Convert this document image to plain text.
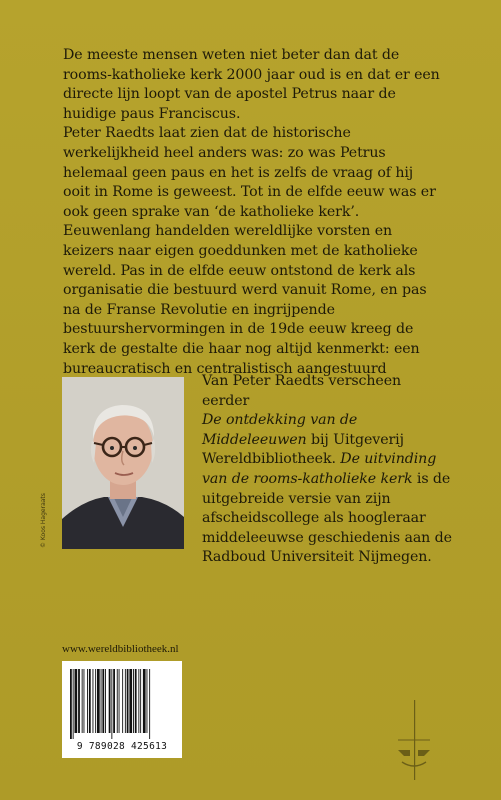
De meeste mensen weten niet beter dan dat de rooms-katholieke kerk 2000 jaar oud is en dat er een directe lijn loopt van de apostel Petrus naar de huidige paus Franciscus.

Peter Raedts laat zien dat de historische werkelijkheid heel anders was: zo was Petrus helemaal geen paus en het is zelfs de vraag of hij ooit in Rome is geweest. Tot in de elfde eeuw was er ook geen sprake van ‘de katholieke kerk’. Eeuwenlang handelden wereldlijke vorsten en keizers naar eigen goeddunken met de katholieke wereld. Pas in de elfde eeuw ontstond de kerk als organisatie die bestuurd werd vanuit Rome, en pas na de Franse Revolutie en ingrijpende bestuurshervormingen in de 19de eeuw kreeg de kerk de gestalte die haar nog altijd kenmerkt: een bureaucratisch en centralistisch aangestuurd

© Koos Hageraats
Van Peter Raedts verscheen eerder
De ontdekking van de Middeleeuwen bij Uitgeverij Wereldbibliotheek. De uitvinding van de rooms-katholieke kerk is de uitgebreide versie van zijn afscheidscollege als hoogleraar middeleeuwse geschiedenis aan de Radboud Universiteit Nijmegen.
www.wereldbibliotheek.nl
9 789028 425613
